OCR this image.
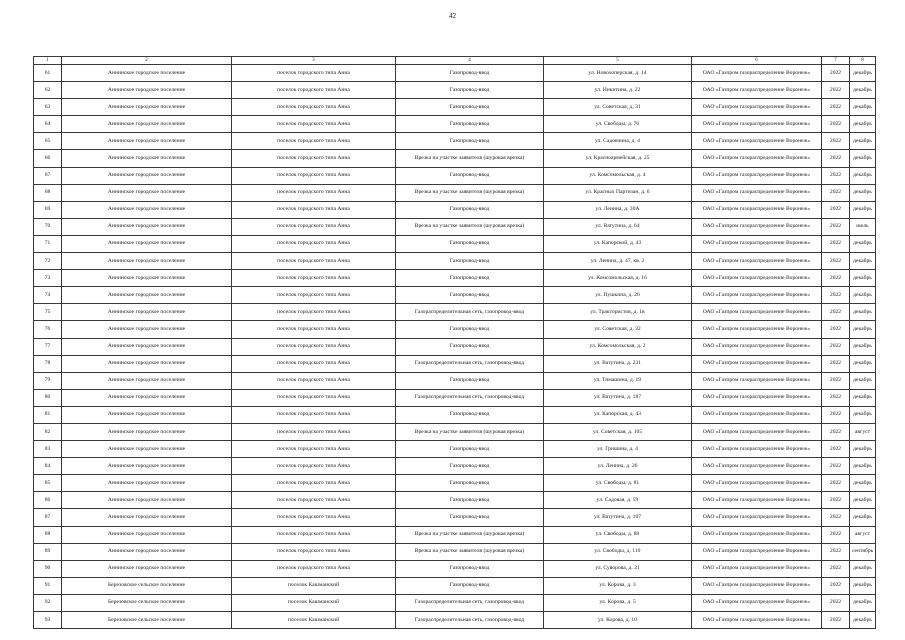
42
1	2	3	4	5	6	7	8
61	Аннинское городское поселение	поселок городского типа Анна	Газопровод-ввод	ул. Новохоперская, д. 14	ОАО «Газпром газораспределение Воронеж»	2022	декабрь
62	Аннинское городское поселение	поселок городского типа Анна	Газопровод-ввод	ул. Никитина, д. 22	ОАО «Газпром газораспределение Воронеж»	2022	декабрь
63	Аннинское городское поселение	поселок городского типа Анна	Газопровод-ввод	ул. Советская, д. 31	ОАО «Газпром газораспределение Воронеж»	2022	декабрь
64	Аннинское городское поселение	поселок городского типа Анна	Газопровод-ввод	ул. Свободы, д. 76	ОАО «Газпром газораспределение Воронеж»	2022	декабрь
65	Аннинское городское поселение	поселок городского типа Анна	Газопровод-ввод	ул. Садовчина, д. 4	ОАО «Газпром газораспределение Воронеж»	2022	декабрь
66	Аннинское городское поселение	поселок городского типа Анна	Врезка на участке заявителя (шуровая врезка)	ул. Красноармейская, д. 25	ОАО «Газпром газораспределение Воронеж»	2022	декабрь
67	Аннинское городское поселение	поселок городского типа Анна	Газопровод-ввод	ул. Комсомольская, д. 4	ОАО «Газпром газораспределение Воронеж»	2022	декабрь
68	Аннинское городское поселение	поселок городского типа Анна	Врезка на участке заявителя (шуровая врезка)	ул. Красных Партизан, д. 6	ОАО «Газпром газораспределение Воронеж»	2022	декабрь
69	Аннинское городское поселение	поселок городского типа Анна	Газопровод-ввод	ул. Ленина, д. 30А	ОАО «Газпром газораспределение Воронеж»	2022	декабрь
70	Аннинское городское поселение	поселок городского типа Анна	Врезка на участке заявителя (шуровая врезка)	ул. Ватутина, д. 64	ОАО «Газпром газораспределение Воронеж»	2022	июль
71	Аннинское городское поселение	поселок городского типа Анна	Газопровод-ввод	ул. Капорской, д. 43	ОАО «Газпром газораспределение Воронеж»	2022	декабрь
72	Аннинское городское поселение	поселок городского типа Анна	Газопровод-ввод	ул. Ленина, д. 47, кв. 2	ОАО «Газпром газораспределение Воронеж»	2022	декабрь
73	Аннинское городское поселение	поселок городского типа Анна	Газопровод-ввод	ул. Комсомольская, д. 16	ОАО «Газпром газораспределение Воронеж»	2022	декабрь
74	Аннинское городское поселение	поселок городского типа Анна	Газопровод-ввод	ул. Пушкина, д. 26	ОАО «Газпром газораспределение Воронеж»	2022	декабрь
75	Аннинское городское поселение	поселок городского типа Анна	Газораспределительная сеть, газопровод-ввод	ул. Трактористов, д. 1в	ОАО «Газпром газораспределение Воронеж»	2022	декабрь
76	Аннинское городское поселение	поселок городского типа Анна	Газопровод-ввод	ул. Советская, д. 32	ОАО «Газпром газораспределение Воронеж»	2022	декабрь
77	Аннинское городское поселение	поселок городского типа Анна	Газопровод-ввод	ул. Комсомольская, д. 2	ОАО «Газпром газораспределение Воронеж»	2022	декабрь
78	Аннинское городское поселение	поселок городского типа Анна	Газораспределительная сеть, газопровод-ввод	ул. Ватутина, д. 231	ОАО «Газпром газораспределение Воронеж»	2022	декабрь
79	Аннинское городское поселение	поселок городского типа Анна	Газопровод-ввод	ул. Тимашина, д. 19	ОАО «Газпром газораспределение Воронеж»	2022	декабрь
80	Аннинское городское поселение	поселок городского типа Анна	Газораспределительная сеть, газопровод-ввод	ул. Ватутина, д. 187	ОАО «Газпром газораспределение Воронеж»	2022	декабрь
81	Аннинское городское поселение	поселок городского типа Анна	Газопровод-ввод	ул. Капорская, д. 43	ОАО «Газпром газораспределение Воронеж»	2022	декабрь
82	Аннинское городское поселение	поселок городского типа Анна	Врезка на участке заявителя (шуровая врезка)	ул. Советская, д. 105	ОАО «Газпром газораспределение Воронеж»	2022	август
83	Аннинское городское поселение	поселок городского типа Анна	Газопровод-ввод	ул. Гришина, д. 4	ОАО «Газпром газораспределение Воронеж»	2022	декабрь
84	Аннинское городское поселение	поселок городского типа Анна	Газопровод-ввод	ул. Ленина, д. 26	ОАО «Газпром газораспределение Воронеж»	2022	декабрь
85	Аннинское городское поселение	поселок городского типа Анна	Газопровод-ввод	ул. Свободы, д. 81	ОАО «Газпром газораспределение Воронеж»	2022	декабрь
86	Аннинское городское поселение	поселок городского типа Анна	Газопровод-ввод	ул. Садовая, д. 59	ОАО «Газпром газораспределение Воронеж»	2022	декабрь
87	Аннинское городское поселение	поселок городского типа Анна	Газопровод-ввод	ул. Ватутина, д. 107	ОАО «Газпром газораспределение Воронеж»	2022	декабрь
88	Аннинское городское поселение	поселок городского типа Анна	Врезка на участке заявителя (шуровая врезка)	ул. Свободы, д. 88	ОАО «Газпром газораспределение Воронеж»	2022	август
89	Аннинское городское поселение	поселок городского типа Анна	Врезка на участке заявителя (шуровая врезка)	ул. Свободы, д. 110	ОАО «Газпром газораспределение Воронеж»	2022	сентябрь
90	Аннинское городское поселение	поселок городского типа Анна	Газопровод-ввод	ул. Суворова, д. 21	ОАО «Газпром газораспределение Воронеж»	2022	декабрь
91	Березовское сельское поселение	поселок Кашманский	Газопровод-ввод	ул. Корова, д. 3	ОАО «Газпром газораспределение Воронеж»	2022	декабрь
92	Березовское сельское поселение	поселок Кашманский	Газораспределительная сеть, газопровод-ввод	ул. Корова, д. 5	ОАО «Газпром газораспределение Воронеж»	2022	декабрь
93	Березовское сельское поселение	поселок Кашманский	Газораспределительная сеть, газопровод-ввод	ул. Корова, д. 10	ОАО «Газпром газораспределение Воронеж»	2022	декабрь
